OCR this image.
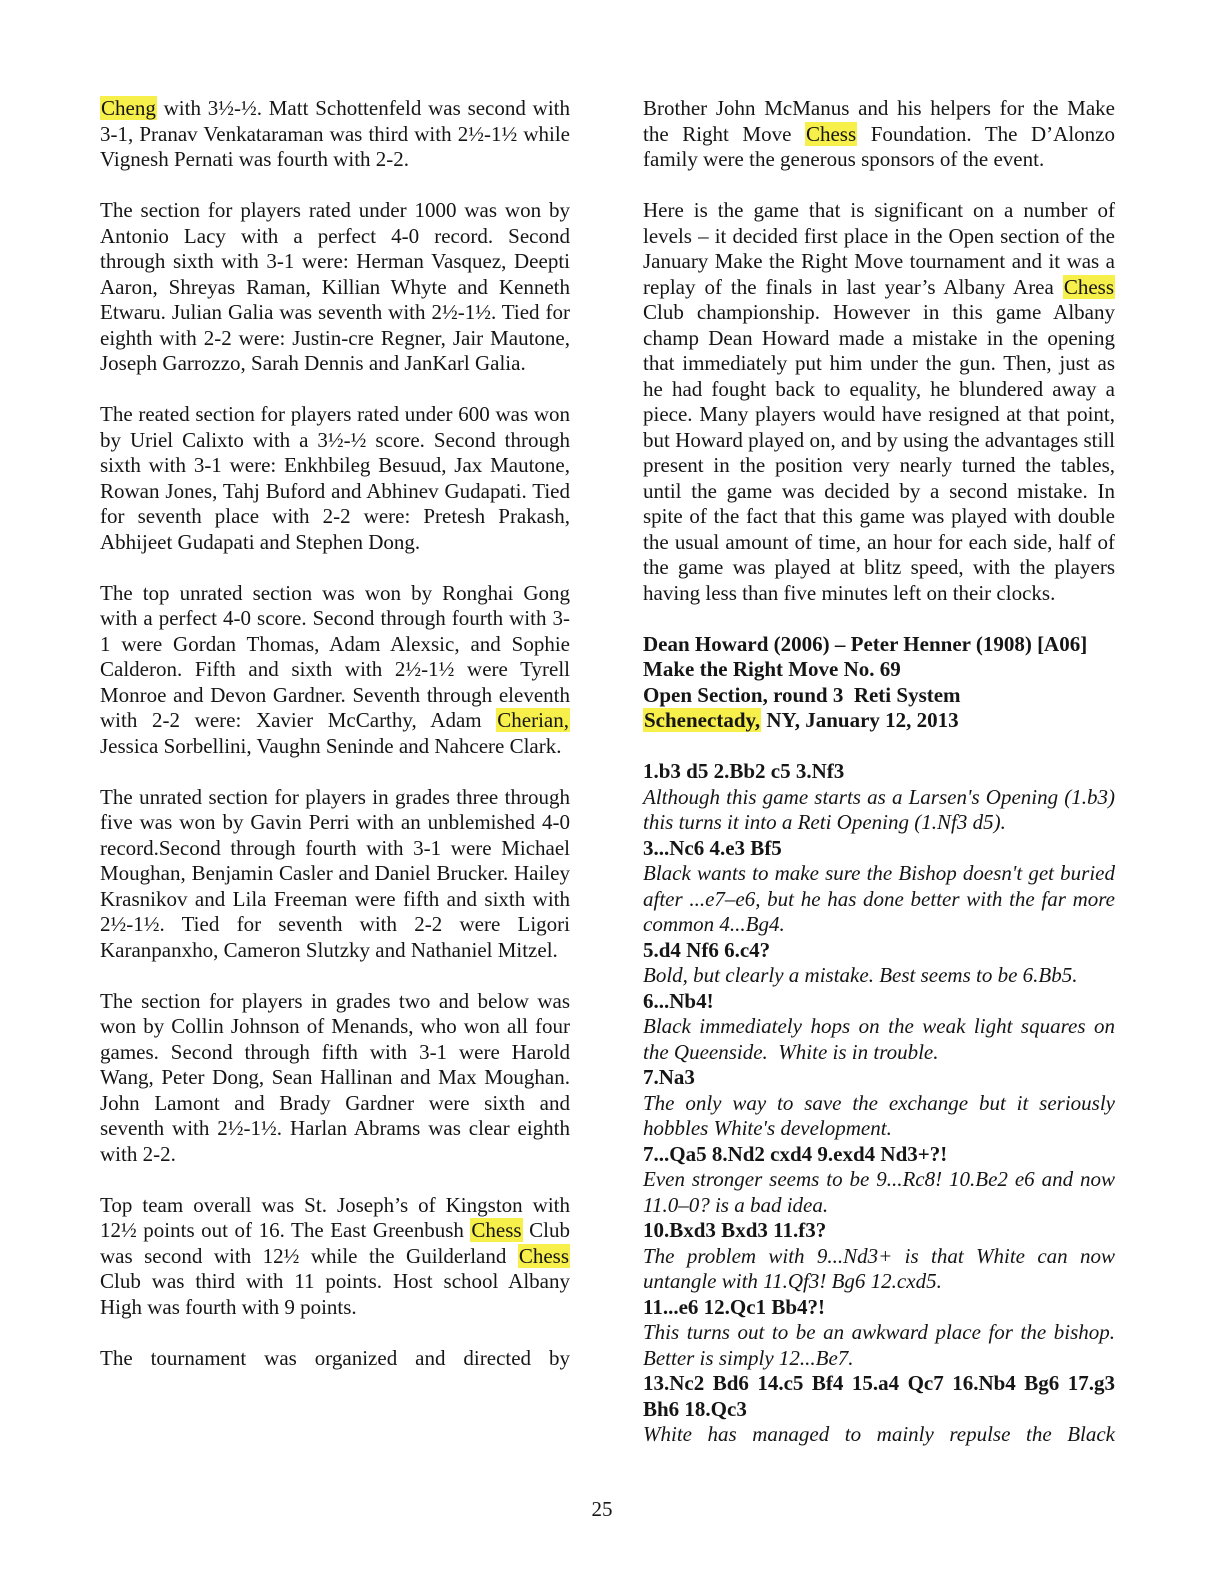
Cheng with 3½-½. Matt Schottenfeld was second with 3-1, Pranav Venkataraman was third with 2½-1½ while Vignesh Pernati was fourth with 2-2.

The section for players rated under 1000 was won by Antonio Lacy with a perfect 4-0 record. Second through sixth with 3-1 were: Herman Vasquez, Deepti Aaron, Shreyas Raman, Killian Whyte and Kenneth Etwaru. Julian Galia was seventh with 2½-1½. Tied for eighth with 2-2 were: Justin-cre Regner, Jair Mautone, Joseph Garrozzo, Sarah Dennis and JanKarl Galia.

The reated section for players rated under 600 was won by Uriel Calixto with a 3½-½ score. Second through sixth with 3-1 were: Enkhbileg Besuud, Jax Mautone, Rowan Jones, Tahj Buford and Abhinev Gudapati. Tied for seventh place with 2-2 were: Pretesh Prakash, Abhijeet Gudapati and Stephen Dong.

The top unrated section was won by Ronghai Gong with a perfect 4-0 score. Second through fourth with 3-1 were Gordan Thomas, Adam Alexsic, and Sophie Calderon. Fifth and sixth with 2½-1½ were Tyrell Monroe and Devon Gardner. Seventh through eleventh with 2-2 were: Xavier McCarthy, Adam Cherian, Jessica Sorbellini, Vaughn Seninde and Nahcere Clark.

The unrated section for players in grades three through five was won by Gavin Perri with an unblemished 4-0 record.Second through fourth with 3-1 were Michael Moughan, Benjamin Casler and Daniel Brucker. Hailey Krasnikov and Lila Freeman were fifth and sixth with 2½-1½. Tied for seventh with 2-2 were Ligori Karanpanxho, Cameron Slutzky and Nathaniel Mitzel.

The section for players in grades two and below was won by Collin Johnson of Menands, who won all four games. Second through fifth with 3-1 were Harold Wang, Peter Dong, Sean Hallinan and Max Moughan. John Lamont and Brady Gardner were sixth and seventh with 2½-1½. Harlan Abrams was clear eighth with 2-2.

Top team overall was St. Joseph’s of Kingston with 12½ points out of 16. The East Greenbush Chess Club was second with 12½ while the Guilderland Chess Club was third with 11 points. Host school Albany High was fourth with 9 points.

The tournament was organized and directed by

Brother John McManus and his helpers for the Make the Right Move Chess Foundation. The D’Alonzo family were the generous sponsors of the event.

Here is the game that is significant on a number of levels – it decided first place in the Open section of the January Make the Right Move tournament and it was a replay of the finals in last year’s Albany Area Chess Club championship. However in this game Albany champ Dean Howard made a mistake in the opening that immediately put him under the gun. Then, just as he had fought back to equality, he blundered away a piece. Many players would have resigned at that point, but Howard played on, and by using the advantages still present in the position very nearly turned the tables, until the game was decided by a second mistake. In spite of the fact that this game was played with double the usual amount of time, an hour for each side, half of the game was played at blitz speed, with the players having less than five minutes left on their clocks.

Dean Howard (2006) – Peter Henner (1908) [A06]
Make the Right Move No. 69
Open Section, round 3  Reti System
Schenectady, NY, January 12, 2013
1.b3 d5 2.Bb2 c5 3.Nf3
Although this game starts as a Larsen's Opening (1.b3) this turns it into a Reti Opening (1.Nf3 d5).
3...Nc6 4.e3 Bf5
Black wants to make sure the Bishop doesn't get buried after ...e7–e6, but he has done better with the far more common 4...Bg4.
5.d4 Nf6 6.c4?
Bold, but clearly a mistake. Best seems to be 6.Bb5.
6...Nb4!
Black immediately hops on the weak light squares on the Queenside.  White is in trouble.
7.Na3
The only way to save the exchange but it seriously hobbles White's development.
7...Qa5 8.Nd2 cxd4 9.exd4 Nd3+?!
Even stronger seems to be 9...Rc8! 10.Be2 e6 and now 11.0–0? is a bad idea.
10.Bxd3 Bxd3 11.f3?
The problem with 9...Nd3+ is that White can now untangle with 11.Qf3! Bg6 12.cxd5.
11...e6 12.Qc1 Bb4?!
This turns out to be an awkward place for the bishop. Better is simply 12...Be7.
13.Nc2 Bd6 14.c5 Bf4 15.a4 Qc7 16.Nb4 Bg6 17.g3 Bh6 18.Qc3
White has managed to mainly repulse the Black
25
